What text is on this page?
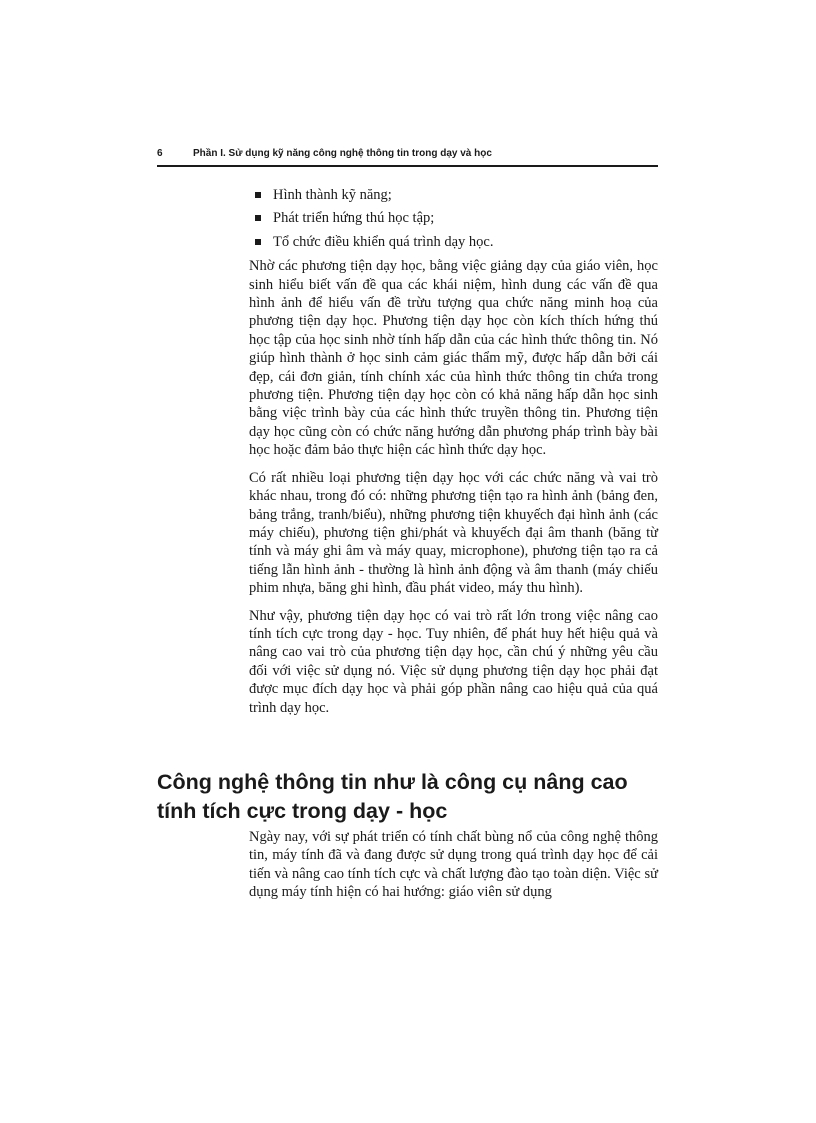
6	Phần I. Sử dụng kỹ năng công nghệ thông tin trong dạy và học
Hình thành kỹ năng;
Phát triển hứng thú học tập;
Tổ chức điều khiển quá trình dạy học.

Nhờ các phương tiện dạy học, bằng việc giảng dạy của giáo viên, học sinh hiểu biết vấn đề qua các khái niệm, hình dung các vấn đề qua hình ảnh để hiểu vấn đề trừu tượng qua chức năng minh hoạ của phương tiện dạy học. Phương tiện dạy học còn kích thích hứng thú học tập của học sinh nhờ tính hấp dẫn của các hình thức thông tin. Nó giúp hình thành ở học sinh cảm giác thẩm mỹ, được hấp dẫn bởi cái đẹp, cái đơn giản, tính chính xác của hình thức thông tin chứa trong phương tiện. Phương tiện dạy học còn có khả năng hấp dẫn học sinh bằng việc trình bày của các hình thức truyền thông tin. Phương tiện dạy học cũng còn có chức năng hướng dẫn phương pháp trình bày bài học hoặc đảm bảo thực hiện các hình thức dạy học.

Có rất nhiều loại phương tiện dạy học với các chức năng và vai trò khác nhau, trong đó có: những phương tiện tạo ra hình ảnh (bảng đen, bảng trắng, tranh/biểu), những phương tiện khuyếch đại hình ảnh (các máy chiếu), phương tiện ghi/phát và khuyếch đại âm thanh (băng từ tính và máy ghi âm và máy quay, microphone), phương tiện tạo ra cả tiếng lẫn hình ảnh - thường là hình ảnh động và âm thanh (máy chiếu phim nhựa, băng ghi hình, đầu phát video, máy thu hình).

Như vậy, phương tiện dạy học có vai trò rất lớn trong việc nâng cao tính tích cực trong dạy - học. Tuy nhiên, để phát huy hết hiệu quả và nâng cao vai trò của phương tiện dạy học, cần chú ý những yêu cầu đối với việc sử dụng nó. Việc sử dụng phương tiện dạy học phải đạt được mục đích dạy học và phải góp phần nâng cao hiệu quả của quá trình dạy học.

Công nghệ thông tin như là công cụ nâng cao tính tích cực trong dạy - học

Ngày nay, với sự phát triển có tính chất bùng nổ của công nghệ thông tin, máy tính đã và đang được sử dụng trong quá trình dạy học để cải tiến và nâng cao tính tích cực và chất lượng đào tạo toàn diện. Việc sử dụng máy tính hiện có hai hướng: giáo viên sử dụng
